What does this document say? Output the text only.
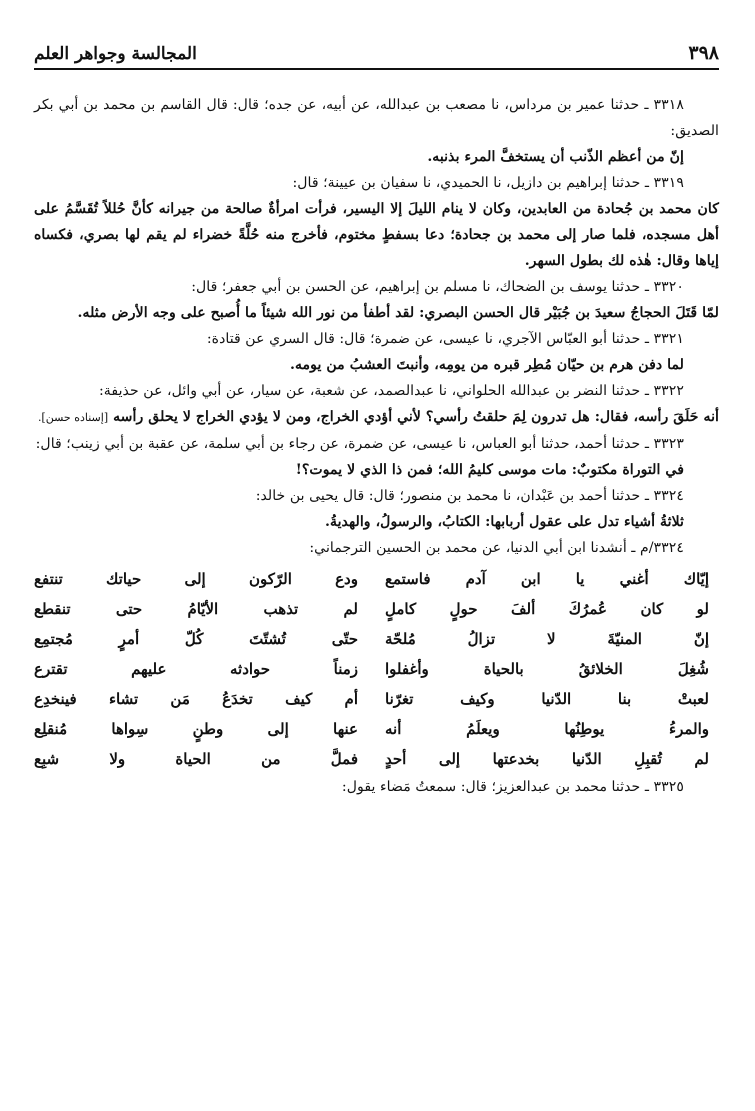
٣٩٨
المجالسة وجواهر العلم

٣٣١٨ ـ حدثنا عمير بن مرداس، نا مصعب بن عبدالله، عن أبيه، عن جده؛ قال: قال القاسم بن محمد بن أبي بكر الصديق:

إنّ من أعظم الذّنب أن يستخفَّ المرء بذنبه.

٣٣١٩ ـ حدثنا إبراهيم بن دازيل، نا الحميدي، نا سفيان بن عيينة؛ قال:

كان محمد بن جُحادة من العابدين، وكان لا ينام الليلَ إلا اليسير، فرأت امرأةٌ صالحة من جيرانه كأنَّ حُللاً تُقَسَّمُ على أهل مسجده، فلما صار إلى محمد بن جحادة؛ دعا بسفطٍ مختوم، فأخرج منه حُلَّةً خضراء لم يقم لها بصري، فكساه إياها وقال: هٰذه لك بطول السهر.

٣٣٢٠ ـ حدثنا يوسف بن الضحاك، نا مسلم بن إبراهيم، عن الحسن بن أبي جعفر؛ قال:

لمّا قَتَلَ الحجاجُ سعيدَ بن جُبَيْر قال الحسن البصري: لقد أطفأ من نور الله شيئاً ما أُصبح على وجه الأرض مثله.

٣٣٢١ ـ حدثنا أبو العبّاس الآجري، نا عيسى، عن ضمرة؛ قال: قال السري عن قتادة:

لما دفن هرم بن حيّان مُطِر قبره من يومِه، وأنبتَ العشبُ من يومه.

٣٣٢٢ ـ حدثنا النضر بن عبدالله الحلواني، نا عبدالصمد، عن شعبة، عن سيار، عن أبي وائل، عن حذيفة:

أنه حَلَقَ رأسه، فقال: هل تدرون لِمَ حلقتُ رأسي؟ لأني أؤدي الخراج، ومن لا يؤدي الخراج لا يحلق رأسه [إسناده حسن].

٣٣٢٣ ـ حدثنا أحمد، حدثنا أبو العباس، نا عيسى، عن ضمرة، عن رجاء بن أبي سلمة، عن عقبة بن أبي زينب؛ قال:

في التوراة مكتوبٌ: مات موسى كليمُ الله؛ فمن ذا الذي لا يموت؟!

٣٣٢٤ ـ حدثنا أحمد بن عَبْدان، نا محمد بن منصور؛ قال: قال يحيى بن خالد:

ثلاثةُ أشياء تدل على عقول أربابها: الكتابُ، والرسولُ، والهديةُ.

٣٣٢٤/م ـ أنشدنا ابن أبي الدنيا، عن محمد بن الحسين الترجماني:

إيّاك أغني يا ابن آدم فاستمع
ودع الرّكون إلى حياتك تنتفع
لو كان عُمرُكَ ألفَ حولٍ كاملٍ
لم تذهب الأيّامُ حتى تنقطع
إنّ المنيّةَ لا تزالُ مُلحّة
حتّى تُشتّتَ كُلّ أمرٍ مُجتمِع
شُغِلَ الخلائقُ بالحياة وأغفلوا
زمناً حوادثه عليهم تقترع
لعبتْ بنا الدّنيا وكيف تغرّنا
أم كيف تخدَعُ مَن تشاء فينخدِع
والمرءُ يوطِنُها ويعلَمُ أنه
عنها إلى وطنٍ سِواها مُنقلِع
لم تُقبِلِ الدّنيا بخدعتها إلى أحدٍ
فملَّ من الحياة ولا شبِع

٣٣٢٥ ـ حدثنا محمد بن عبدالعزيز؛ قال: سمعتُ مَضاء يقول:
